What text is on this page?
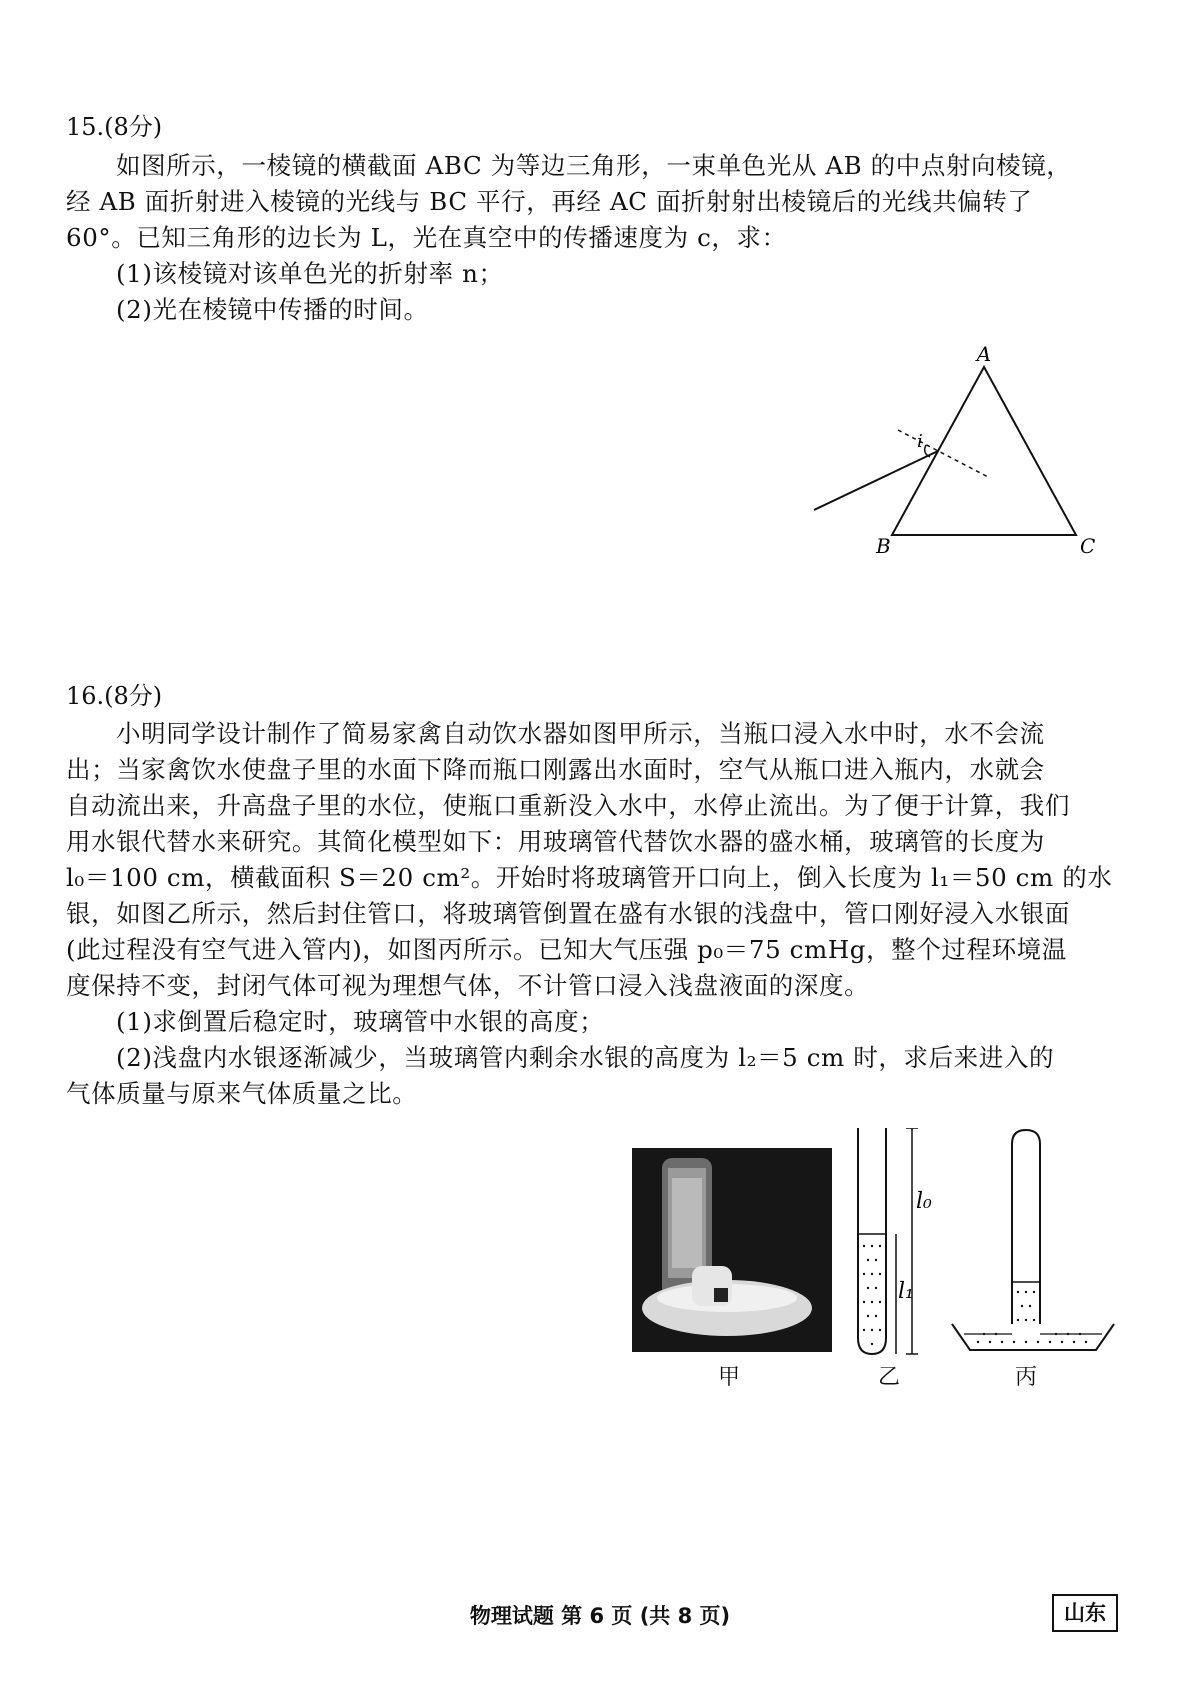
15.(8分)

如图所示，一棱镜的横截面 ABC 为等边三角形，一束单色光从 AB 的中点射向棱镜，

经 AB 面折射进入棱镜的光线与 BC 平行，再经 AC 面折射射出棱镜后的光线共偏转了

60°。已知三角形的边长为 L，光在真空中的传播速度为 c，求：

(1)该棱镜对该单色光的折射率 n；

(2)光在棱镜中传播的时间。

A
B	C
i
16.(8分)

小明同学设计制作了简易家禽自动饮水器如图甲所示，当瓶口浸入水中时，水不会流

出；当家禽饮水使盘子里的水面下降而瓶口刚露出水面时，空气从瓶口进入瓶内，水就会

自动流出来，升高盘子里的水位，使瓶口重新没入水中，水停止流出。为了便于计算，我们

用水银代替水来研究。其简化模型如下：用玻璃管代替饮水器的盛水桶，玻璃管的长度为

l₀＝100 cm，横截面积 S＝20 cm²。开始时将玻璃管开口向上，倒入长度为 l₁＝50 cm 的水

银，如图乙所示，然后封住管口，将玻璃管倒置在盛有水银的浅盘中，管口刚好浸入水银面

(此过程没有空气进入管内)，如图丙所示。已知大气压强 p₀＝75 cmHg，整个过程环境温

度保持不变，封闭气体可视为理想气体，不计管口浸入浅盘液面的深度。

(1)求倒置后稳定时，玻璃管中水银的高度；

(2)浅盘内水银逐渐减少，当玻璃管内剩余水银的高度为 l₂＝5 cm 时，求后来进入的

气体质量与原来气体质量之比。

甲
l₀
l₁
乙	丙
物理试题 第 6 页 (共 8 页)	山东
